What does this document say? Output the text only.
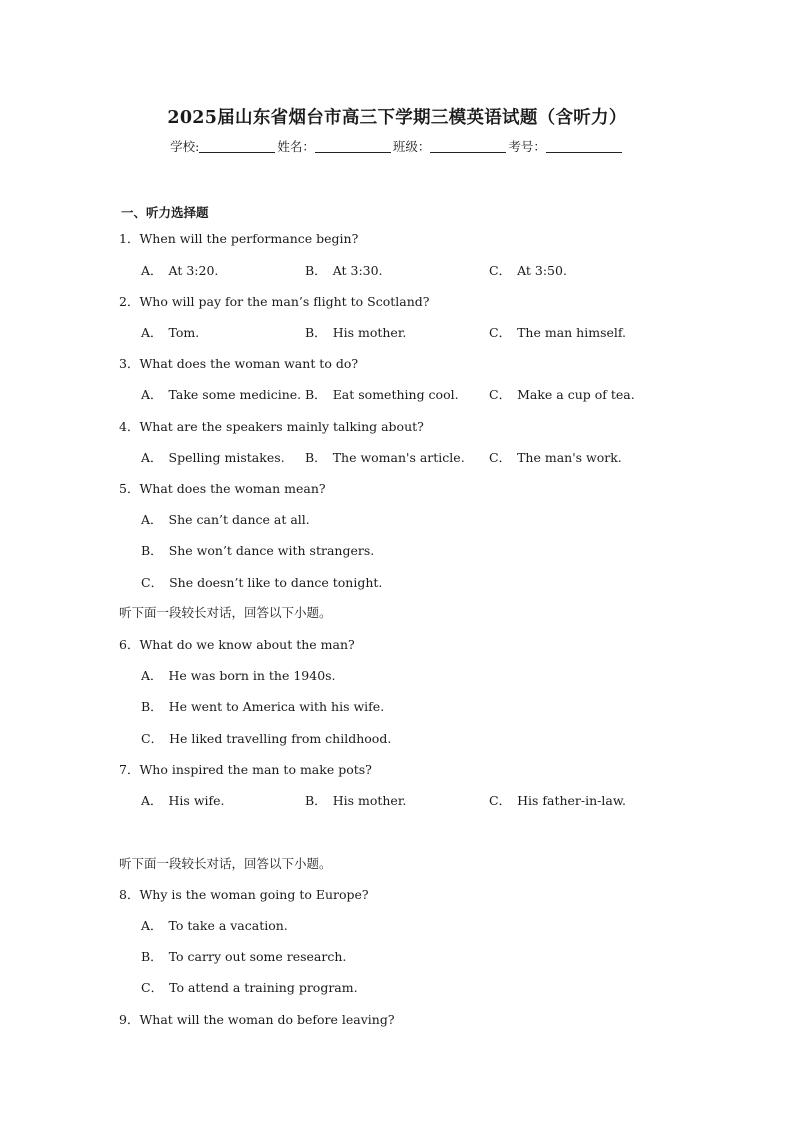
2025届山东省烟台市高三下学期三模英语试题（含听力）
学校:	姓名：	班级：	考号：
一、听力选择题
1．When will the performance begin?
A． At 3:20.	B． At 3:30.	C． At 3:50.
2．Who will pay for the man’s flight to Scotland?
A． Tom.	B． His mother.	C． The man himself.
3．What does the woman want to do?
A． Take some medicine. B． Eat something cool. C． Make a cup of tea.
4．What are the speakers mainly talking about?
A． Spelling mistakes. B． The woman's article. C． The man's work.
5．What does the woman mean?
A． She can’t dance at all.
B． She won’t dance with strangers.
C． She doesn’t like to dance tonight.
听下面一段较长对话，回答以下小题。
6．What do we know about the man?
A． He was born in the 1940s.
B． He went to America with his wife.
C． He liked travelling from childhood.
7．Who inspired the man to make pots?
A． His wife.	B． His mother.	C． His father-in-law.
听下面一段较长对话，回答以下小题。
8．Why is the woman going to Europe?
A． To take a vacation.
B． To carry out some research.
C． To attend a training program.
9．What will the woman do before leaving?
